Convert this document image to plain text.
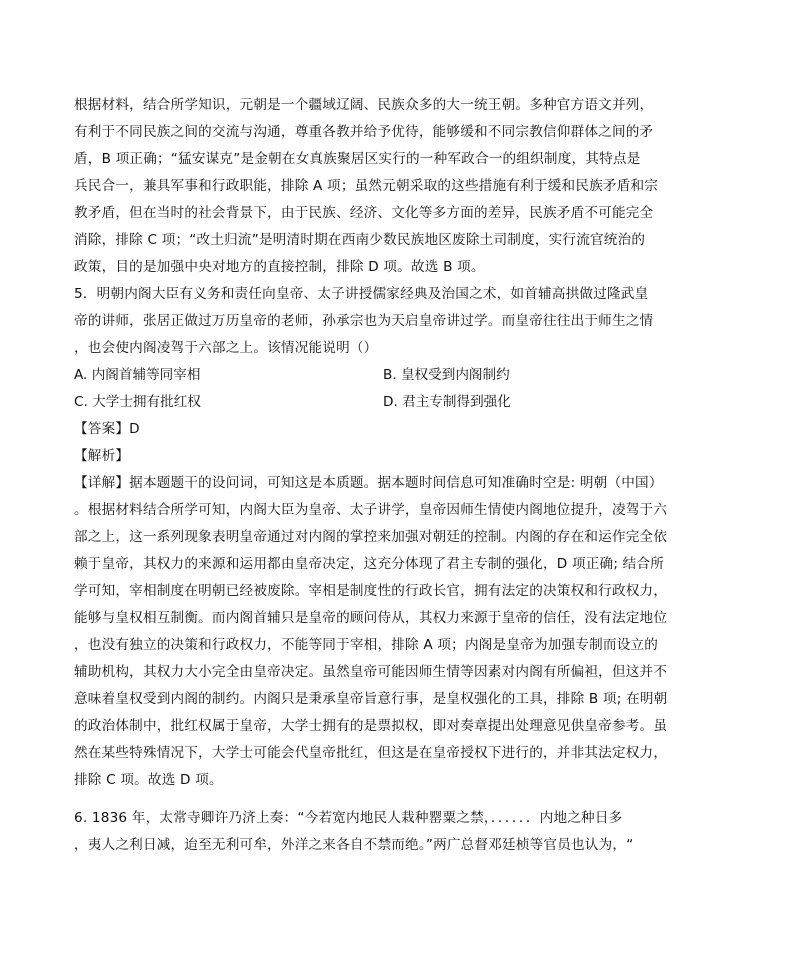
根据材料，结合所学知识，元朝是一个疆域辽阔、民族众多的大一统王朝。多种官方语文并列，
有利于不同民族之间的交流与沟通，尊重各教并给予优待，能够缓和不同宗教信仰群体之间的矛
盾，B 项正确；“猛安谋克”是金朝在女真族聚居区实行的一种军政合一的组织制度，其特点是
兵民合一，兼具军事和行政职能，排除 A 项；虽然元朝采取的这些措施有利于缓和民族矛盾和宗
教矛盾，但在当时的社会背景下，由于民族、经济、文化等多方面的差异，民族矛盾不可能完全
消除，排除 C 项；“改土归流”是明清时期在西南少数民族地区废除土司制度，实行流官统治的
政策，目的是加强中央对地方的直接控制，排除 D 项。故选 B 项。
5．明朝内阁大臣有义务和责任向皇帝、太子讲授儒家经典及治国之术，如首辅高拱做过隆武皇
帝的讲师，张居正做过万历皇帝的老师，孙承宗也为天启皇帝讲过学。而皇帝往往出于师生之情
，也会使内阁凌驾于六部之上。该情况能说明（）
A. 内阁首辅等同宰相	B. 皇权受到内阁制约
C. 大学士拥有批红权	D. 君主专制得到强化
【答案】D
【解析】
【详解】据本题题干的设问词，可知这是本质题。据本题时间信息可知准确时空是: 明朝（中国）
。根据材料结合所学可知，内阁大臣为皇帝、太子讲学，皇帝因师生情使内阁地位提升，凌驾于六
部之上，这一系列现象表明皇帝通过对内阁的掌控来加强对朝廷的控制。内阁的存在和运作完全依
赖于皇帝，其权力的来源和运用都由皇帝决定，这充分体现了君主专制的强化，D 项正确; 结合所
学可知，宰相制度在明朝已经被废除。宰相是制度性的行政长官，拥有法定的决策权和行政权力，
能够与皇权相互制衡。而内阁首辅只是皇帝的顾问侍从，其权力来源于皇帝的信任，没有法定地位
，也没有独立的决策和行政权力，不能等同于宰相，排除 A 项；内阁是皇帝为加强专制而设立的
辅助机构，其权力大小完全由皇帝决定。虽然皇帝可能因师生情等因素对内阁有所偏袒，但这并不
意味着皇权受到内阁的制约。内阁只是秉承皇帝旨意行事，是皇权强化的工具，排除 B 项; 在明朝
的政治体制中，批红权属于皇帝，大学士拥有的是票拟权，即对奏章提出处理意见供皇帝参考。虽
然在某些特殊情况下，大学士可能会代皇帝批红，但这是在皇帝授权下进行的，并非其法定权力，
排除 C 项。故选 D 项。
6. 1836 年，太常寺卿许乃济上奏：“今若宽内地民人栽种罂粟之禁，．．．．．．内地之种日多
，夷人之利日减，迨至无利可牟，外洋之来各自不禁而绝。”两广总督邓廷桢等官员也认为，“
